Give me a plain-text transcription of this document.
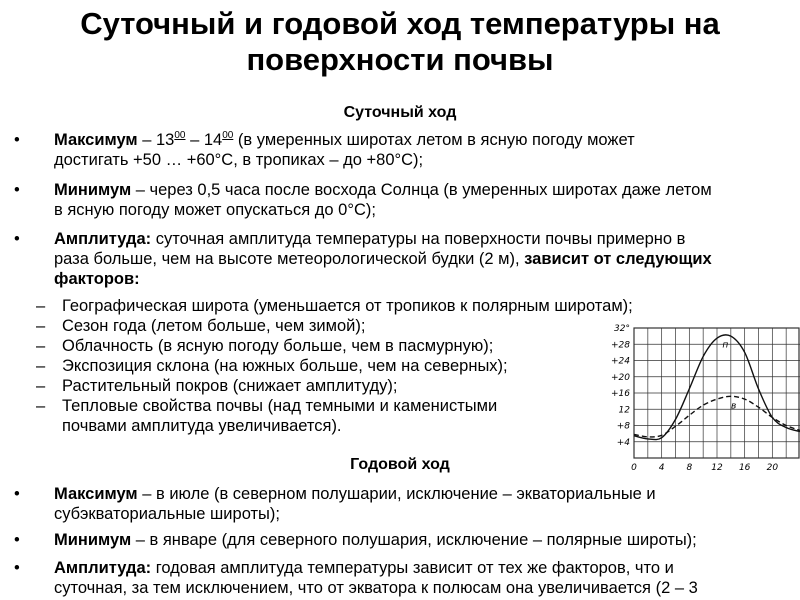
Суточный и годовой ход температуры на
поверхности почвы
Суточный ход
• Максимум – $13^{00} - 14^{00}$ (в умеренных широтах летом в ясную погоду может
достигать +50 … +60°С, в тропиках – до +80°С);
• Минимум – через 0,5 часа после восхода Солнца (в умеренных широтах даже летом
в ясную погоду может опускаться до 0°С);
• Амплитуда: суточная амплитуда температуры на поверхности почвы примерно в
раза больше, чем на высоте метеорологической будки (2 м), зависит от следующих
факторов:
– Географическая широта (уменьшается от тропиков к полярным широтам);
– Сезон года (летом больше, чем зимой);
– Облачность (в ясную погоду больше, чем в пасмурную);
– Экспозиция склона (на южных больше, чем на северных);
– Растительный покров (снижает амплитуду);
– Тепловые свойства почвы (над темными и каменистыми
почвами амплитуда увеличивается).
+4
+8
12
+16
+20
+24
+28
32°
0 4 8 12 16 20
п
в
Годовой ход
• Максимум – в июле (в северном полушарии, исключение – экваториальные и
субэкваториальные широты);
• Минимум – в январе (для северного полушария, исключение – полярные широты);
• Амплитуда: годовая амплитуда температуры зависит от тех же факторов, что и
суточная, за тем исключением, что от экватора к полюсам она увеличивается (2 – 3
